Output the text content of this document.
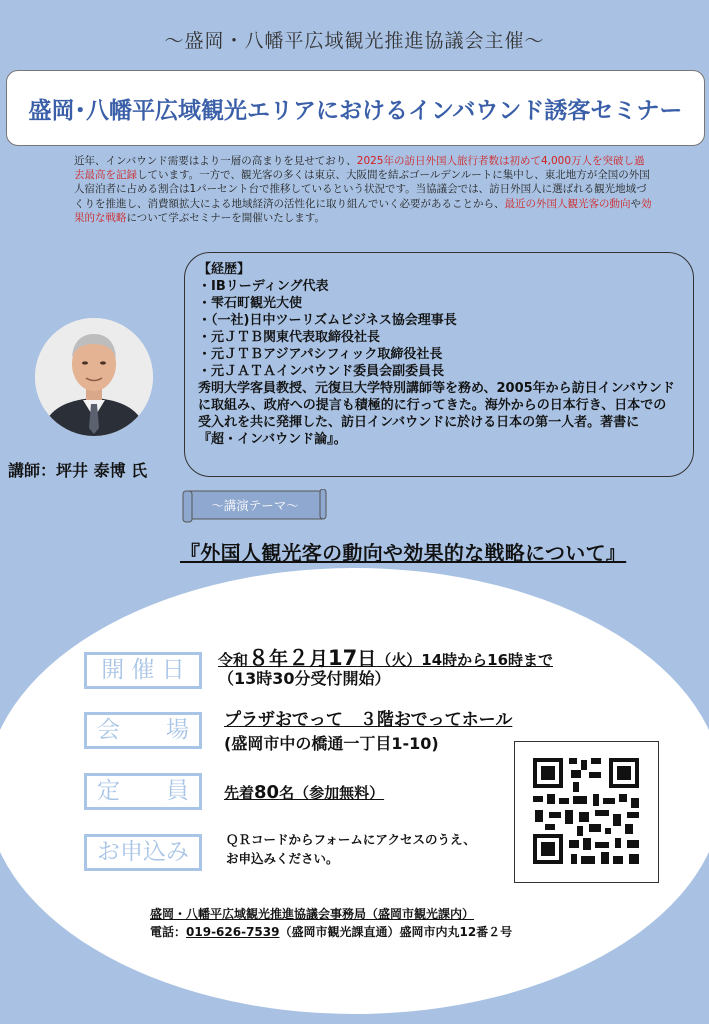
～盛岡・八幡平広域観光推進協議会主催～
盛岡･八幡平広域観光エリアにおけるインバウンド誘客セミナー
近年、インバウンド需要はより一層の高まりを見せており、2025年の訪日外国人旅行者数は初めて4,000万人を突破し過去最高を記録しています。一方で、観光客の多くは東京、大阪間を結ぶゴールデンルートに集中し、東北地方が全国の外国人宿泊者に占める割合は1パーセント台で推移しているという状況です。当協議会では、訪日外国人に選ばれる観光地域づくりを推進し、消費額拡大による地域経済の活性化に取り組んでいく必要があることから、最近の外国人観光客の動向や効果的な戦略について学ぶセミナーを開催いたします。
【経歴】
・IBリーディング代表
・雫石町観光大使
・（一社)日中ツーリズムビジネス協会理事長
・元ＪＴＢ関東代表取締役社長
・元ＪＴＢアジアパシフィック取締役社長
・元ＪＡＴＡインバウンド委員会副委員長
秀明大学客員教授、元復旦大学特別講師等を務め、2005年から訪日インバウンドに取組み、政府への提言も積極的に行ってきた。海外からの日本行き、日本での受入れを共に発揮した、訪日インバウンドに於ける日本の第一人者。著書に『超・インバウンド論』。
講師：坪井 泰博 氏
～講演テーマ～
『外国人観光客の動向や効果的な戦略について』
開 催 日	令和８年２月17日（火）14時から16時まで
（13時30分受付開始）
会　　場	プラザおでって　３階おでってホール
(盛岡市中の橋通一丁目1-10)
定　　員	先着80名（参加無料）
お申込み	ＱＲコードからフォームにアクセスのうえ、
お申込みください。
盛岡・八幡平広域観光推進協議会事務局（盛岡市観光課内）
電話：019-626-7539（盛岡市観光課直通）盛岡市内丸12番２号
